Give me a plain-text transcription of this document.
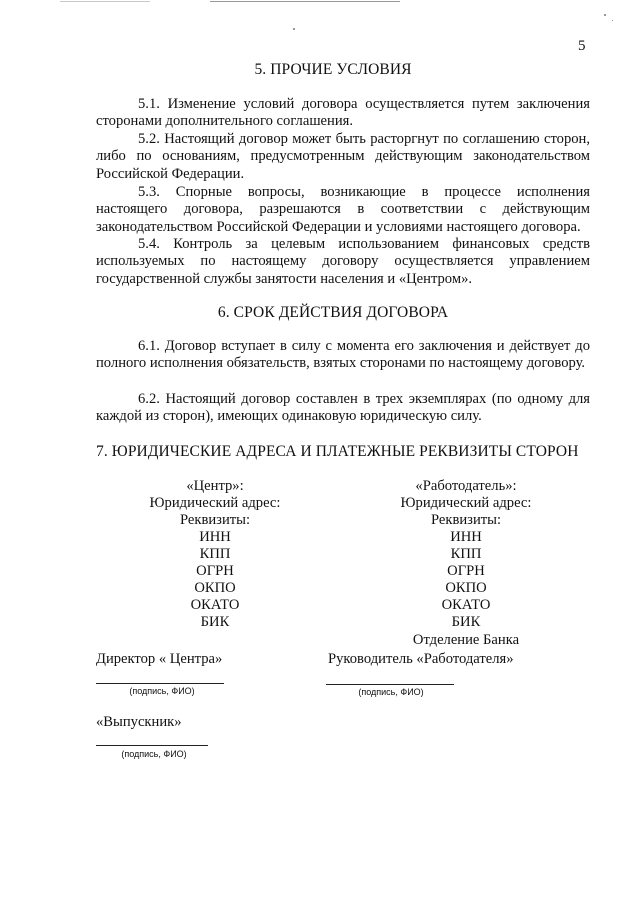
5
5. ПРОЧИЕ УСЛОВИЯ

5.1. Изменение условий договора осуществляется путем заключения сторонами дополнительного соглашения.

5.2. Настоящий договор может быть расторгнут по соглашению сторон, либо по основаниям, предусмотренным действующим законодательством Российской Федерации.

5.3. Спорные вопросы, возникающие в процессе исполнения настоящего договора, разрешаются в соответствии с действующим законодательством Российской Федерации и условиями настоящего договора.

5.4. Контроль за целевым использованием финансовых средств используемых по настоящему договору осуществляется управлением государственной службы занятости населения и «Центром».

6. СРОК ДЕЙСТВИЯ ДОГОВОРА

6.1. Договор вступает в силу с момента его заключения и действует до полного исполнения обязательств, взятых сторонами по настоящему договору.

6.2. Настоящий договор составлен в трех экземплярах (по одному для каждой из сторон), имеющих одинаковую юридическую силу.

7. ЮРИДИЧЕСКИЕ АДРЕСА И ПЛАТЕЖНЫЕ РЕКВИЗИТЫ СТОРОН
«Центр»:
Юридический адрес:
Реквизиты:
ИНН
КПП
ОГРН
ОКПО
ОКАТО
БИК
«Работодатель»:
Юридический адрес:
Реквизиты:
ИНН
КПП
ОГРН
ОКПО
ОКАТО
БИК
Отделение Банка
Директор « Центра»	Руководитель «Работодателя»
(подпись, ФИО)	(подпись, ФИО)
«Выпускник»
(подпись, ФИО)
